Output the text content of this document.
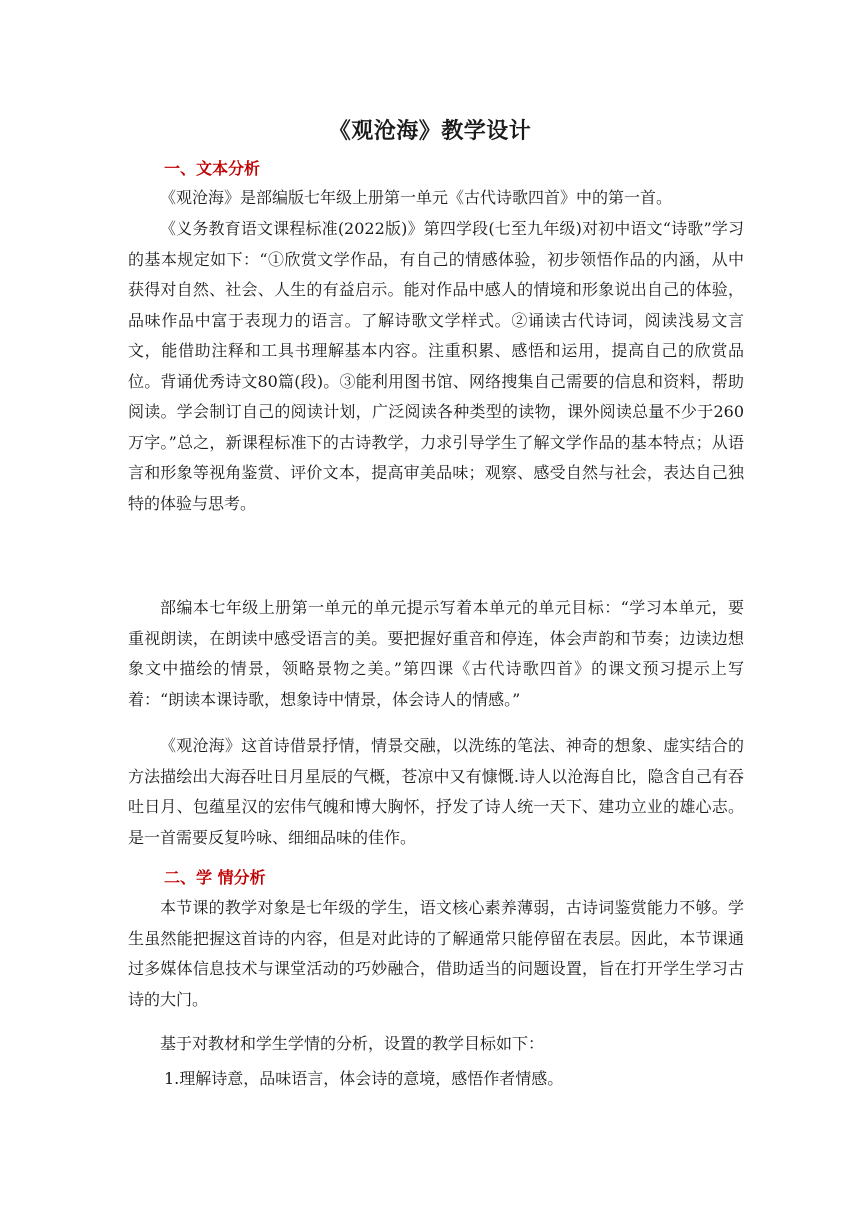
《观沧海》教学设计
一、文本分析
《观沧海》是部编版七年级上册第一单元《古代诗歌四首》中的第一首。
《义务教育语文课程标准(2022版)》第四学段(七至九年级)对初中语文“诗歌”学习的基本规定如下：“①欣赏文学作品，有自己的情感体验，初步领悟作品的内涵，从中获得对自然、社会、人生的有益启示。能对作品中感人的情境和形象说出自己的体验，品味作品中富于表现力的语言。了解诗歌文学样式。②诵读古代诗词，阅读浅易文言文，能借助注释和工具书理解基本内容。注重积累、感悟和运用，提高自己的欣赏品位。背诵优秀诗文80篇(段)。③能利用图书馆、网络搜集自己需要的信息和资料，帮助阅读。学会制订自己的阅读计划，广泛阅读各种类型的读物，课外阅读总量不少于260万字。”总之，新课程标准下的古诗教学，力求引导学生了解文学作品的基本特点；从语言和形象等视角鉴赏、评价文本，提高审美品味；观察、感受自然与社会，表达自己独特的体验与思考。
部编本七年级上册第一单元的单元提示写着本单元的单元目标：“学习本单元，要重视朗读，在朗读中感受语言的美。要把握好重音和停连，体会声韵和节奏；边读边想象文中描绘的情景，领略景物之美。”第四课《古代诗歌四首》的课文预习提示上写着：“朗读本课诗歌，想象诗中情景，体会诗人的情感。”
《观沧海》这首诗借景抒情，情景交融，以洗练的笔法、神奇的想象、虚实结合的方法描绘出大海吞吐日月星辰的气概，苍凉中又有慷慨.诗人以沧海自比，隐含自己有吞吐日月、包蕴星汉的宏伟气魄和博大胸怀，抒发了诗人统一天下、建功立业的雄心志。是一首需要反复吟咏、细细品味的佳作。
二、学 情分析
本节课的教学对象是七年级的学生，语文核心素养薄弱，古诗词鉴赏能力不够。学生虽然能把握这首诗的内容，但是对此诗的了解通常只能停留在表层。因此，本节课通过多媒体信息技术与课堂活动的巧妙融合，借助适当的问题设置，旨在打开学生学习古诗的大门。
基于对教材和学生学情的分析，设置的教学目标如下：
1.理解诗意，品味语言，体会诗的意境，感悟作者情感。
